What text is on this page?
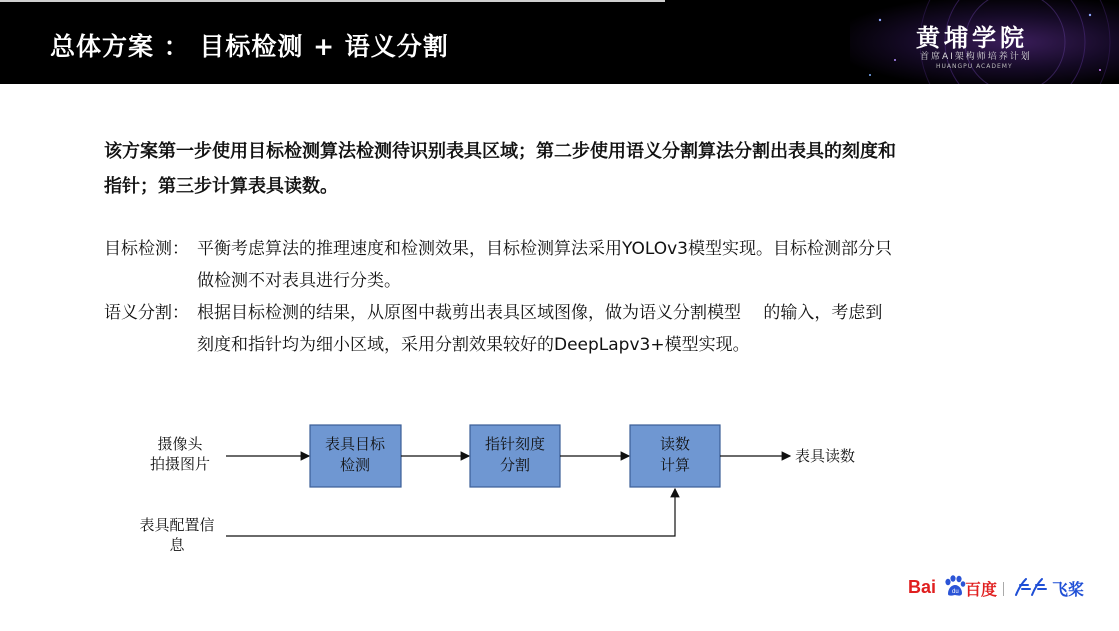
总体方案 ： 目标检测 + 语义分割	黄埔学院
首席AI架构师培养计划
HUANGPU ACADEMY
该方案第一步使用目标检测算法检测待识别表具区域；第二步使用语义分割算法分割出表具的刻度和指针；第三步计算表具读数。
目标检测： 平衡考虑算法的推理速度和检测效果，目标检测算法采用YOLOv3模型实现。目标检测部分只做检测不对表具进行分类。
语义分割： 根据目标检测的结果，从原图中裁剪出表具区域图像，做为语义分割模型　 的输入，考虑到刻度和指针均为细小区域，采用分割效果较好的DeepLapv3+模型实现。
摄像头
拍摄图片
表具目标
检测
指针刻度
分割
读数
计算	表具读数
表具配置信
息
Bai	du 百度	飞桨
